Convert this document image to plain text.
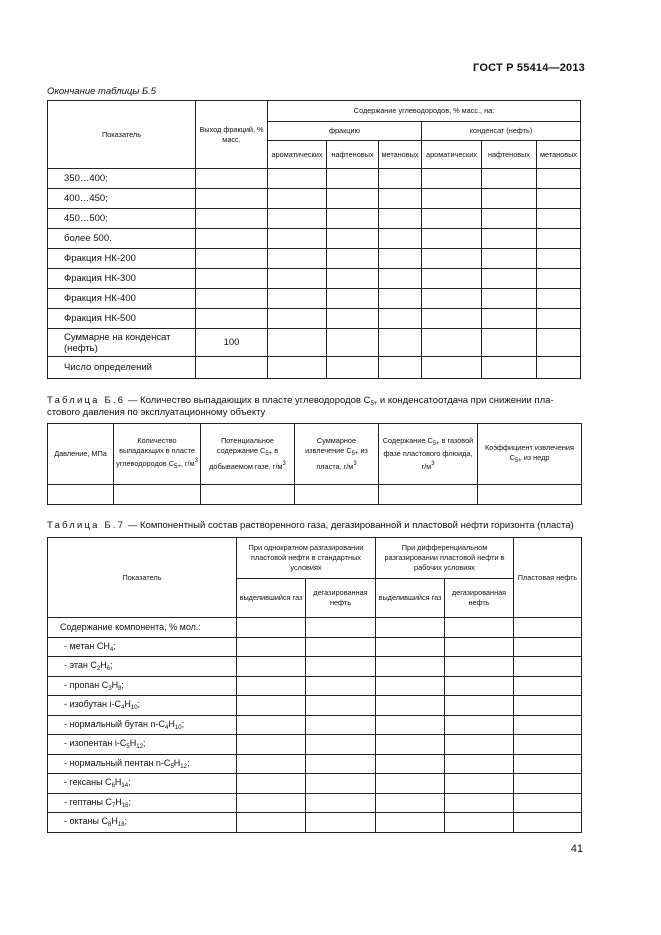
ГОСТ Р 55414—2013
Окончание таблицы Б.5
Показатель	Выход фракций, % масс.	Содержание углеводородов, % масс., на:					
		фракцию			конденсат (нефть)		
		ароматических	нафтеновых	метановых	ароматических	нафтеновых	метановых
350…400;							
400…450;							
450…500;							
более 500.							
Фракция НК-200							
Фракция НК-300							
Фракция НК-400							
Фракция НК-500							
Суммарне на конденсат (нефть)	100						
Число определений							
Таблица Б.6 — Количество выпадающих в пласте углеводородов $С_{5+}$ и конденсатоотдача при снижении пла-
стового давления по эксплуатационному объекту
Давление, МПа	Количество выпадающих в пласте углеводородов $С_{5+}$, $г/м^3$	Потенциальное содержание $С_{5+}$ в добываемом газе, $г/м^3$	Суммарное извлечение $С_{5+}$ из пласта, $г/м^3$	Содержание $С_{5+}$ в газовой фазе пластового флюида, $г/м^3$	Коэффициент извлечения $С_{5+}$ из недр

Таблица Б.7 — Компонентный состав растворенного газа, дегазированной и пластовой нефти горизонта (пласта)
Показатель	При однократном разгазировании пластовой нефти в стандартных условиях		При дифференциальном разгазировании пластовой нефти в рабочих условиях		Пластовая нефть
	выделившийся газ	дегазированная нефть	выделившийся газ	дегазированная нефть	
Содержание компонента, % мол.:					
- метан $СН_4$;					
- этан $С_2Н_6$;					
- пропан $С_3Н_8$;					
- изобутан $i-С_4Н_{10}$;					
- нормальный бутан $n-С_4Н_{10}$;					
- изопентан $i-С_5Н_{12}$;					
- нормальный пентан $n-С_5Н_{12}$;					
- гексаны $С_6Н_{14}$;					
- гептаны $С_7Н_{16}$;					
- октаны $С_8Н_{18}$;					
41
